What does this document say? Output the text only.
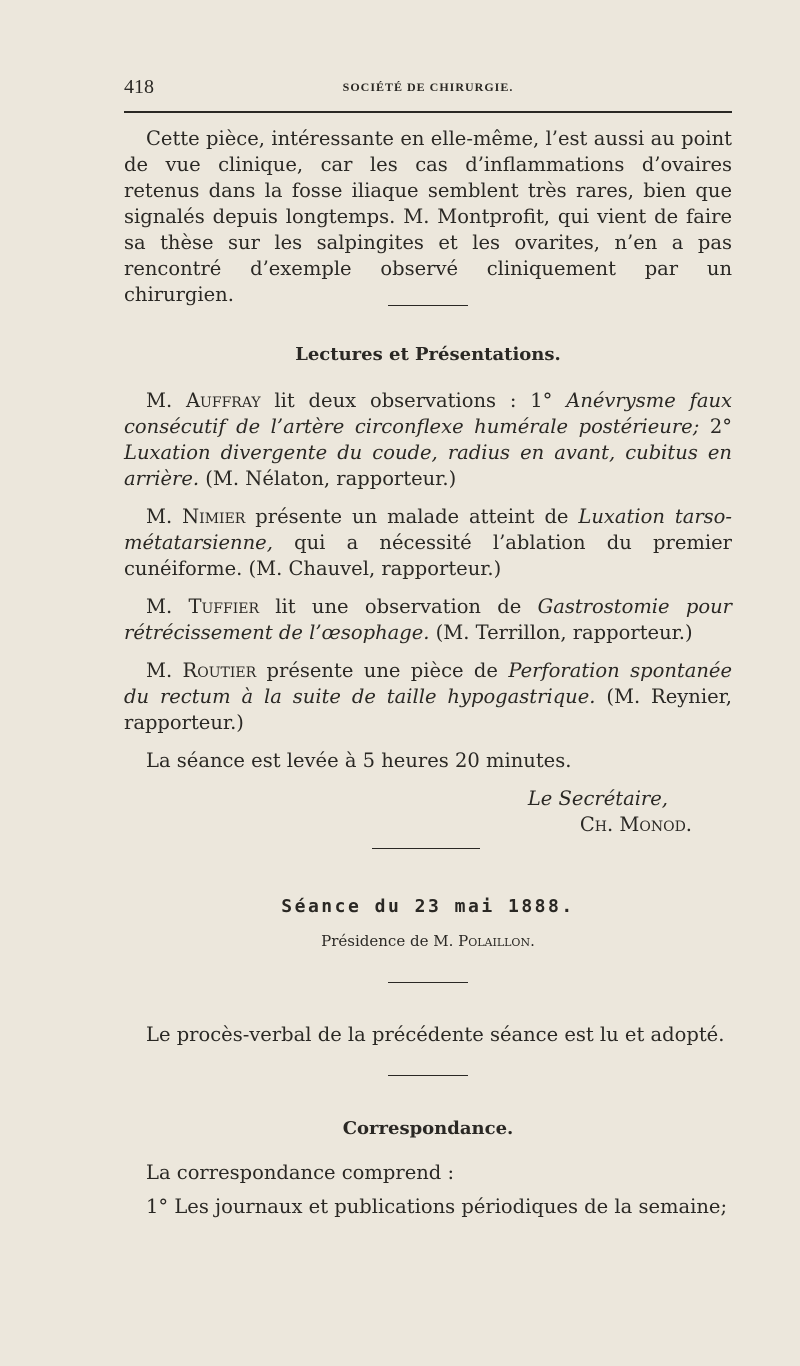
418	SOCIÉTÉ DE CHIRURGIE.

Cette pièce, intéressante en elle-même, l’est aussi au point de vue clinique, car les cas d’inflammations d’ovaires retenus dans la fosse iliaque semblent très rares, bien que signalés depuis longtemps. M. Montprofit, qui vient de faire sa thèse sur les salpingites et les ovarites, n’en a pas rencontré d’exemple observé cliniquement par un chirurgien.

Lectures et Présentations.

M. Auffray lit deux observations : 1° Anévrysme faux consécutif de l’artère circonflexe humérale postérieure; 2° Luxation divergente du coude, radius en avant, cubitus en arrière. (M. Nélaton, rapporteur.)

M. Nimier présente un malade atteint de Luxation tarso-métatarsienne, qui a nécessité l’ablation du premier cunéiforme. (M. Chauvel, rapporteur.)

M. Tuffier lit une observation de Gastrostomie pour rétrécissement de l’œsophage. (M. Terrillon, rapporteur.)

M. Routier présente une pièce de Perforation spontanée du rectum à la suite de taille hypogastrique. (M. Reynier, rapporteur.)

La séance est levée à 5 heures 20 minutes.

Le Secrétaire,

Ch. Monod.

Séance du 23 mai 1888.
Présidence de M. Polaillon.

Le procès-verbal de la précédente séance est lu et adopté.

Correspondance.

La correspondance comprend :

1° Les journaux et publications périodiques de la semaine;
